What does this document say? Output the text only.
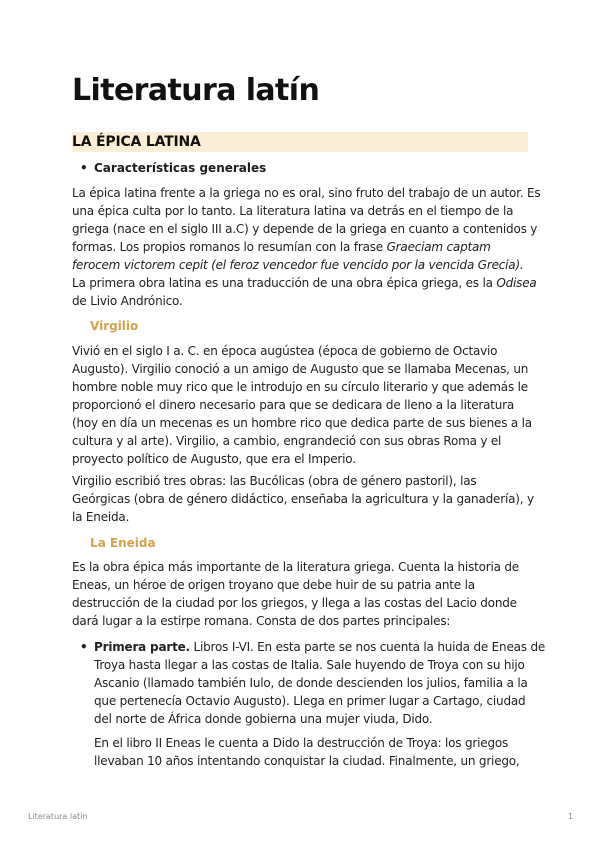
Literatura latín
LA ÉPICA LATINA

• Características generales

La épica latina frente a la griega no es oral, sino fruto del trabajo de un autor. Es
una épica culta por lo tanto. La literatura latina va detrás en el tiempo de la
griega (nace en el siglo III a.C) y depende de la griega en cuanto a contenidos y
formas. Los propios romanos lo resumían con la frase Graeciam captam
ferocem victorem cepit (el feroz vencedor fue vencido por la vencida Grecia).
La primera obra latina es una traducción de una obra épica griega, es la Odisea
de Livio Andrónico.

Virgilio

Vivió en el siglo I a. C. en época augústea (época de gobierno de Octavio
Augusto). Virgilio conoció a un amigo de Augusto que se llamaba Mecenas, un
hombre noble muy rico que le introdujo en su círculo literario y que además le
proporcionó el dinero necesario para que se dedicara de lleno a la literatura
(hoy en día un mecenas es un hombre rico que dedica parte de sus bienes a la
cultura y al arte). Virgilio, a cambio, engrandeció con sus obras Roma y el
proyecto político de Augusto, que era el Imperio.

Virgilio escribió tres obras: las Bucólicas (obra de género pastoril), las
Geórgicas (obra de género didáctico, enseñaba la agricultura y la ganadería), y
la Eneida.

La Eneida

Es la obra épica más importante de la literatura griega. Cuenta la historia de
Eneas, un héroe de origen troyano que debe huir de su patria ante la
destrucción de la ciudad por los griegos, y llega a las costas del Lacio donde
dará lugar a la estirpe romana. Consta de dos partes principales:

• Primera parte. Libros I-VI. En esta parte se nos cuenta la huida de Eneas de
Troya hasta llegar a las costas de Italia. Sale huyendo de Troya con su hijo
Ascanio (llamado también Iulo, de donde descienden los julios, familia a la
que pertenecía Octavio Augusto). Llega en primer lugar a Cartago, ciudad
del norte de África donde gobierna una mujer viuda, Dido.
En el libro II Eneas le cuenta a Dido la destrucción de Troya: los griegos
llevaban 10 años intentando conquistar la ciudad. Finalmente, un griego,

Literatura latín	1
